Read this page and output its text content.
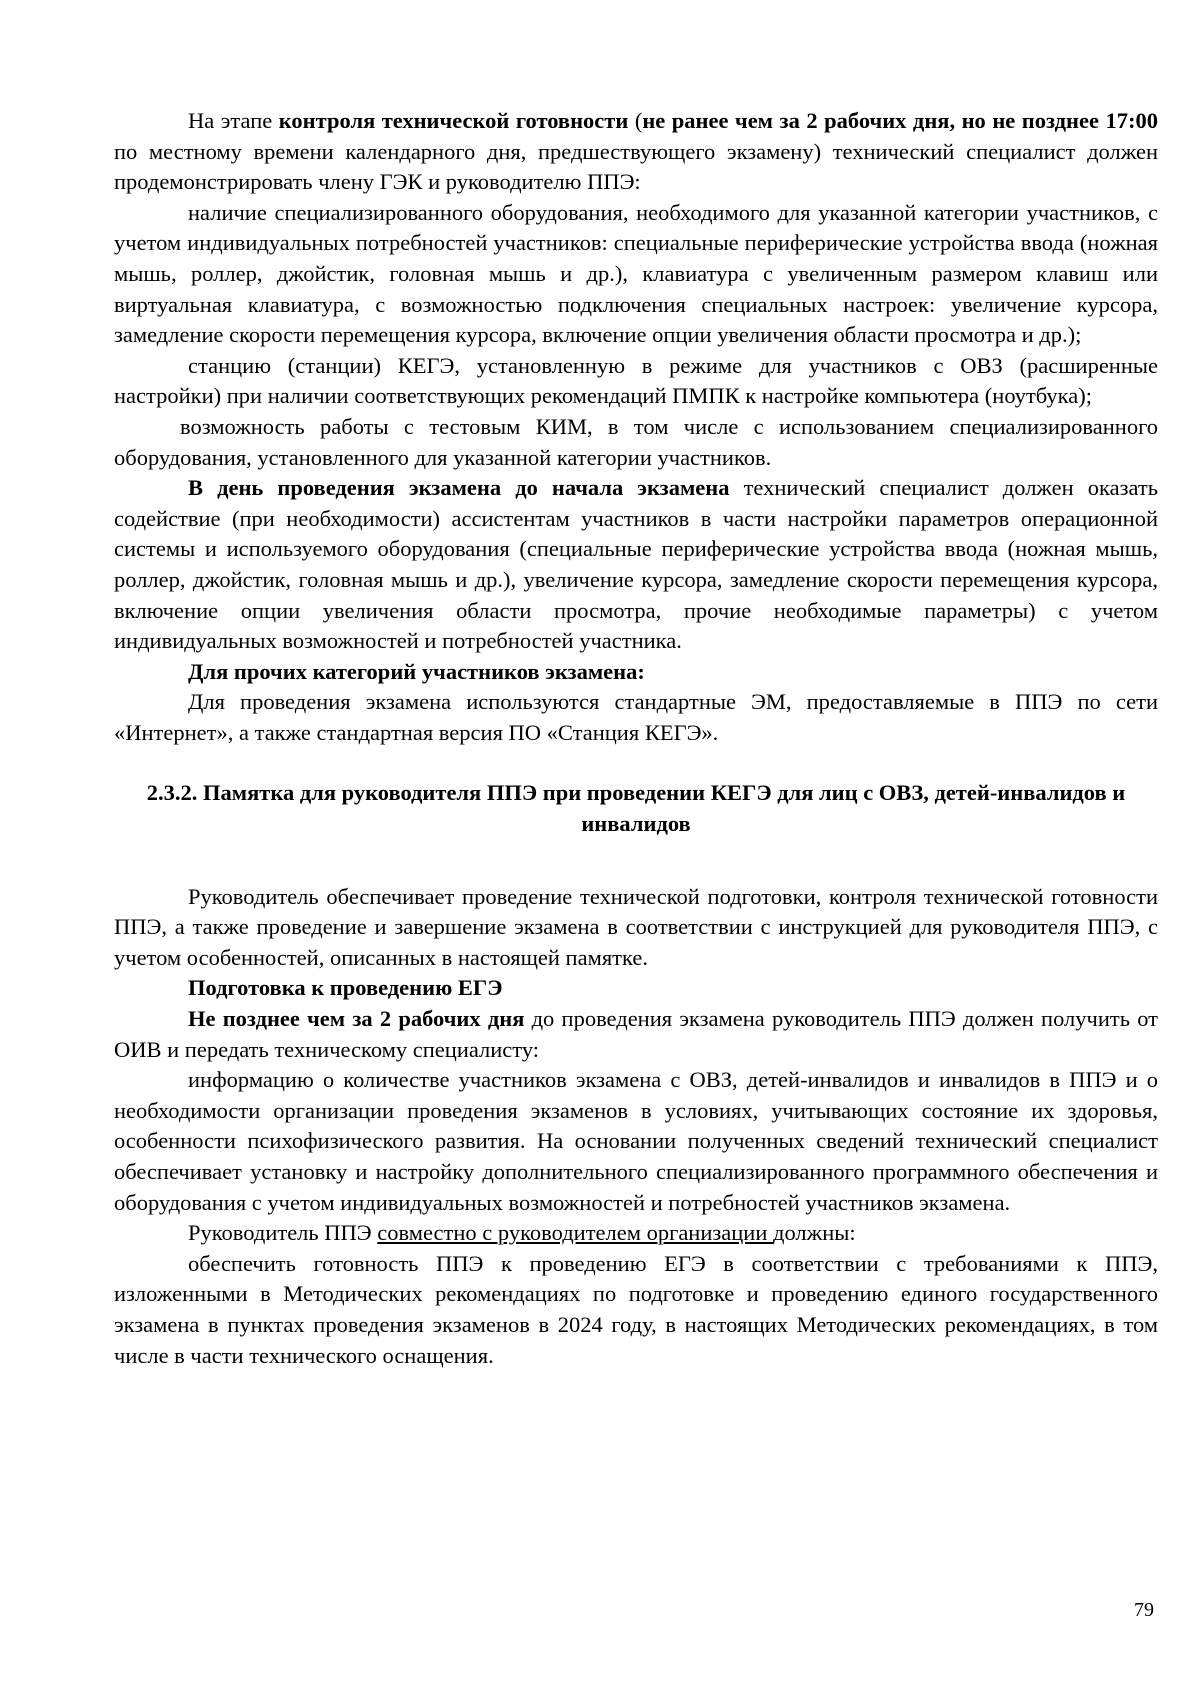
На этапе контроля технической готовности (не ранее чем за 2 рабочих дня, но не позднее 17:00 по местному времени календарного дня, предшествующего экзамену) технический специалист должен продемонстрировать члену ГЭК и руководителю ППЭ:

наличие специализированного оборудования, необходимого для указанной категории участников, с учетом индивидуальных потребностей участников: специальные периферические устройства ввода (ножная мышь, роллер, джойстик, головная мышь и др.), клавиатура с увеличенным размером клавиш или виртуальная клавиатура, с возможностью подключения специальных настроек: увеличение курсора, замедление скорости перемещения курсора, включение опции увеличения области просмотра и др.);

станцию (станции) КЕГЭ, установленную в режиме для участников с ОВЗ (расширенные настройки) при наличии соответствующих рекомендаций ПМПК к настройке компьютера (ноутбука);

возможность работы с тестовым КИМ, в том числе с использованием специализированного оборудования, установленного для указанной категории участников.

В день проведения экзамена до начала экзамена технический специалист должен оказать содействие (при необходимости) ассистентам участников в части настройки параметров операционной системы и используемого оборудования (специальные периферические устройства ввода (ножная мышь, роллер, джойстик, головная мышь и др.), увеличение курсора, замедление скорости перемещения курсора, включение опции увеличения области просмотра, прочие необходимые параметры) с учетом индивидуальных возможностей и потребностей участника.

Для прочих категорий участников экзамена:

Для проведения экзамена используются стандартные ЭМ, предоставляемые в ППЭ по сети «Интернет», а также стандартная версия ПО «Станция КЕГЭ».

2.3.2. Памятка для руководителя ППЭ при проведении КЕГЭ для лиц с ОВЗ, детей-инвалидов и инвалидов

Руководитель обеспечивает проведение технической подготовки, контроля технической готовности ППЭ, а также проведение и завершение экзамена в соответствии с инструкцией для руководителя ППЭ, с учетом особенностей, описанных в настоящей памятке.

Подготовка к проведению ЕГЭ

Не позднее чем за 2 рабочих дня до проведения экзамена руководитель ППЭ должен получить от ОИВ и передать техническому специалисту:

информацию о количестве участников экзамена с ОВЗ, детей-инвалидов и инвалидов в ППЭ и о необходимости организации проведения экзаменов в условиях, учитывающих состояние их здоровья, особенности психофизического развития. На основании полученных сведений технический специалист обеспечивает установку и настройку дополнительного специализированного программного обеспечения и оборудования с учетом индивидуальных возможностей и потребностей участников экзамена.

Руководитель ППЭ совместно с руководителем организации должны:

обеспечить готовность ППЭ к проведению ЕГЭ в соответствии с требованиями к ППЭ, изложенными в Методических рекомендациях по подготовке и проведению единого государственного экзамена в пунктах проведения экзаменов в 2024 году, в настоящих Методических рекомендациях, в том числе в части технического оснащения.

79
